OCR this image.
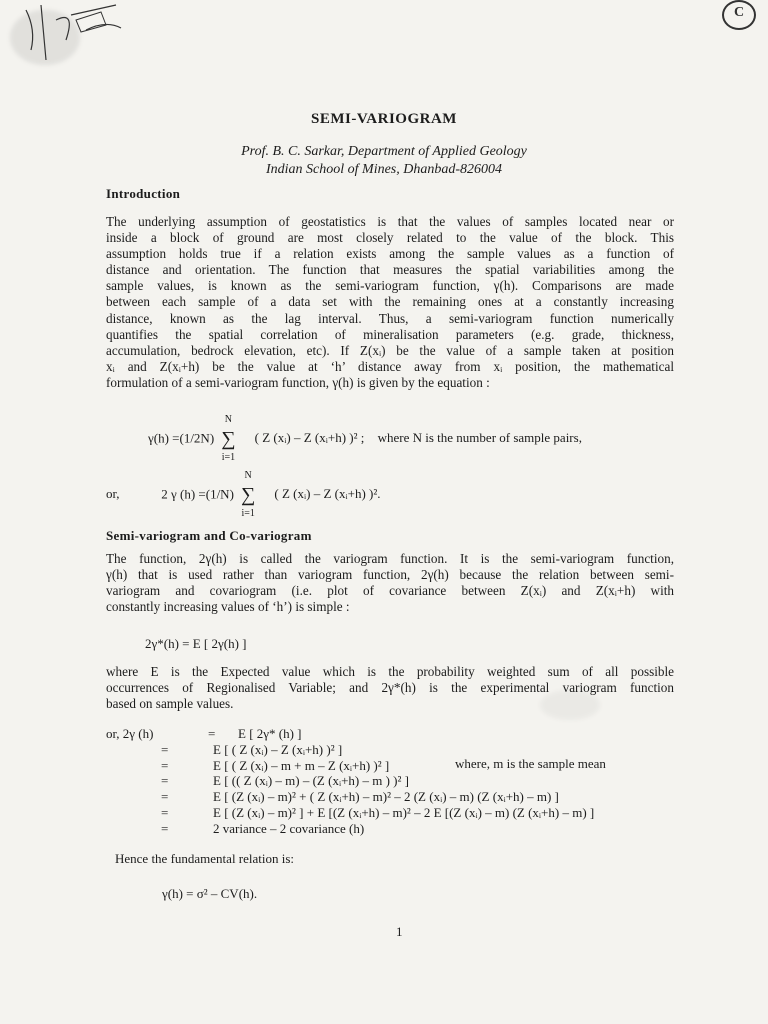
C
SEMI-VARIOGRAM
Prof. B. C. Sarkar, Department of Applied Geology
Indian School of Mines, Dhanbad-826004
Introduction
The underlying assumption of geostatistics is that the values of samples located near or
inside a block of ground are most closely related to the value of the block. This
assumption holds true if a relation exists among the sample values as a function of
distance and orientation. The function that measures the spatial variabilities among the
sample values, is known as the semi-variogram function, γ(h). Comparisons are made
between each sample of a data set with the remaining ones at a constantly increasing
distance, known as the lag interval. Thus, a semi-variogram function numerically
quantifies the spatial correlation of mineralisation parameters (e.g. grade, thickness,
accumulation, bedrock elevation, etc). If Z(xᵢ) be the value of a sample taken at position
xᵢ and Z(xᵢ+h) be the value at ‘h’ distance away from xᵢ position, the mathematical
formulation of a semi-variogram function, γ(h) is given by the equation :
γ(h) =(1/2N) ∑
N
i=1
( Z (xᵢ) – Z (xᵢ+h) )² ; where N is the number of sample pairs,
or,	2 γ (h) =(1/N) ∑
N
i=1
( Z (xᵢ) – Z (xᵢ+h) )².
Semi-variogram and Co-variogram
The function, 2γ(h) is called the variogram function. It is the semi-variogram function,
γ(h) that is used rather than variogram function, 2γ(h) because the relation between semi-
variogram and covariogram (i.e. plot of covariance between Z(xᵢ) and Z(xᵢ+h) with
constantly increasing values of ‘h’) is simple :
2γ*(h) = E [ 2γ(h) ]
where E is the Expected value which is the probability weighted sum of all possible
occurrences of Regionalised Variable; and 2γ*(h) is the experimental variogram function
based on sample values.
or, 2γ (h)	= E [ 2γ* (h) ]
=	E [ ( Z (xᵢ) – Z (xᵢ+h) )² ]
=	E [ ( Z (xᵢ) – m + m – Z (xᵢ+h) )² ]
=	E [ (( Z (xᵢ) – m) – (Z (xᵢ+h) – m ) )² ]
=	E [ (Z (xᵢ) – m)² + ( Z (xᵢ+h) – m)² – 2 (Z (xᵢ) – m) (Z (xᵢ+h) – m) ]
=	E [ (Z (xᵢ) – m)² ] + E [(Z (xᵢ+h) – m)² – 2 E [(Z (xᵢ) – m) (Z (xᵢ+h) – m) ]
=	2 variance – 2 covariance (h)
where, m is the sample mean
Hence the fundamental relation is:
γ(h) = σ² – CV(h).
1
